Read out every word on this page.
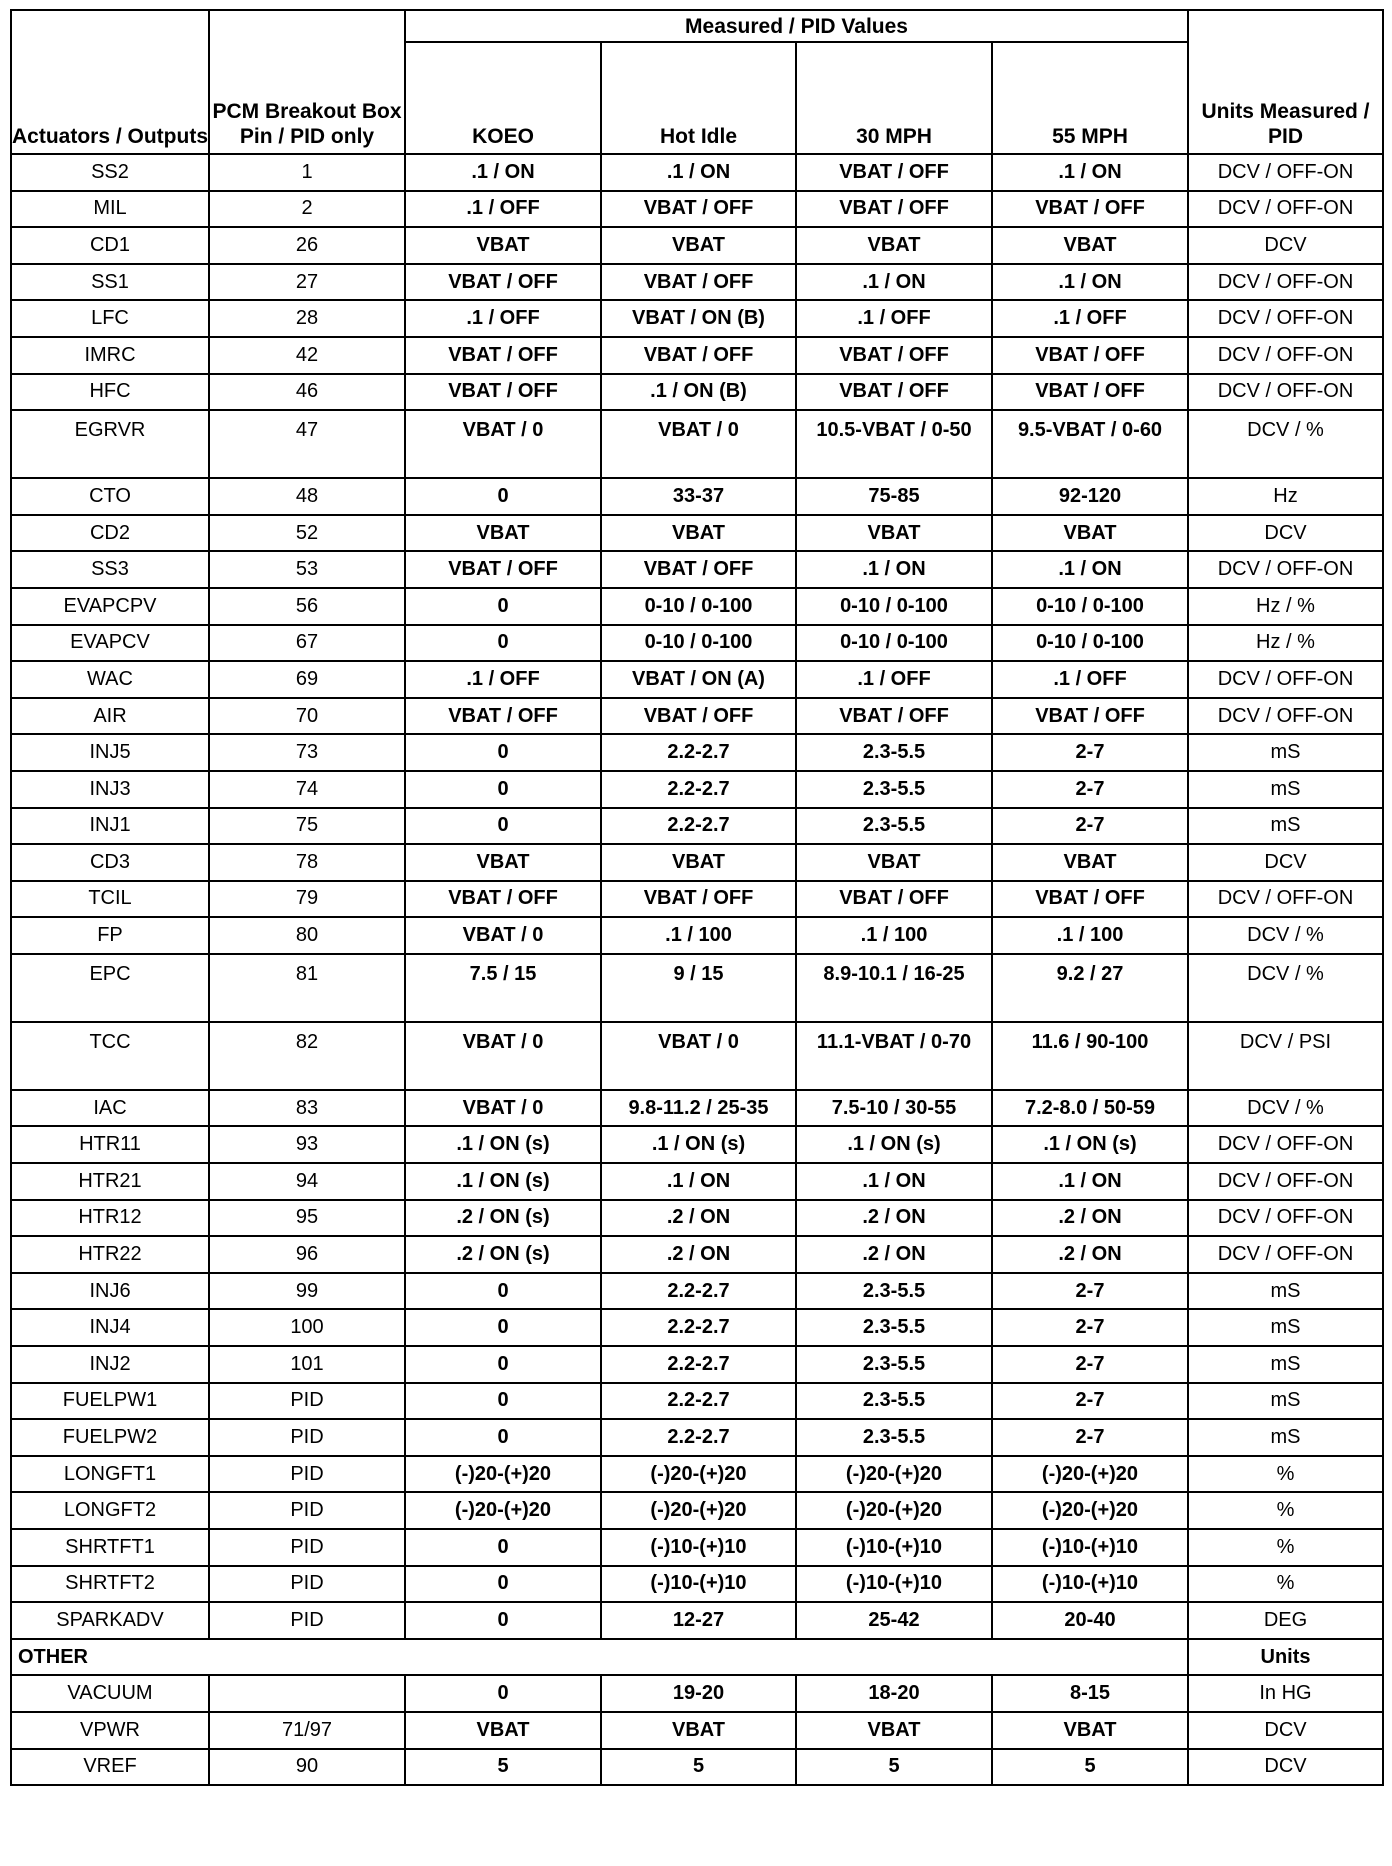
Actuators / Outputs	PCM Breakout Box Pin / PID only	Measured / PID Values				Units Measured / PID
		KOEO	Hot Idle	30 MPH	55 MPH	
SS2	1	.1 / ON	.1 / ON	VBAT / OFF	.1 / ON	DCV / OFF-ON
MIL	2	.1 / OFF	VBAT / OFF	VBAT / OFF	VBAT / OFF	DCV / OFF-ON
CD1	26	VBAT	VBAT	VBAT	VBAT	DCV
SS1	27	VBAT / OFF	VBAT / OFF	.1 / ON	.1 / ON	DCV / OFF-ON
LFC	28	.1 / OFF	VBAT / ON (B)	.1 / OFF	.1 / OFF	DCV / OFF-ON
IMRC	42	VBAT / OFF	VBAT / OFF	VBAT / OFF	VBAT / OFF	DCV / OFF-ON
HFC	46	VBAT / OFF	.1 / ON (B)	VBAT / OFF	VBAT / OFF	DCV / OFF-ON
EGRVR	47	VBAT / 0	VBAT / 0	10.5-VBAT / 0-50	9.5-VBAT / 0-60	DCV / %
CTO	48	0	33-37	75-85	92-120	Hz
CD2	52	VBAT	VBAT	VBAT	VBAT	DCV
SS3	53	VBAT / OFF	VBAT / OFF	.1 / ON	.1 / ON	DCV / OFF-ON
EVAPCPV	56	0	0-10 / 0-100	0-10 / 0-100	0-10 / 0-100	Hz / %
EVAPCV	67	0	0-10 / 0-100	0-10 / 0-100	0-10 / 0-100	Hz / %
WAC	69	.1 / OFF	VBAT / ON (A)	.1 / OFF	.1 / OFF	DCV / OFF-ON
AIR	70	VBAT / OFF	VBAT / OFF	VBAT / OFF	VBAT / OFF	DCV / OFF-ON
INJ5	73	0	2.2-2.7	2.3-5.5	2-7	mS
INJ3	74	0	2.2-2.7	2.3-5.5	2-7	mS
INJ1	75	0	2.2-2.7	2.3-5.5	2-7	mS
CD3	78	VBAT	VBAT	VBAT	VBAT	DCV
TCIL	79	VBAT / OFF	VBAT / OFF	VBAT / OFF	VBAT / OFF	DCV / OFF-ON
FP	80	VBAT / 0	.1 / 100	.1 / 100	.1 / 100	DCV / %
EPC	81	7.5 / 15	9 / 15	8.9-10.1 / 16-25	9.2 / 27	DCV / %
TCC	82	VBAT / 0	VBAT / 0	11.1-VBAT / 0-70	11.6 / 90-100	DCV / PSI
IAC	83	VBAT / 0	9.8-11.2 / 25-35	7.5-10 / 30-55	7.2-8.0 / 50-59	DCV / %
HTR11	93	.1 / ON (s)	.1 / ON (s)	.1 / ON (s)	.1 / ON (s)	DCV / OFF-ON
HTR21	94	.1 / ON (s)	.1 / ON	.1 / ON	.1 / ON	DCV / OFF-ON
HTR12	95	.2 / ON (s)	.2 / ON	.2 / ON	.2 / ON	DCV / OFF-ON
HTR22	96	.2 / ON (s)	.2 / ON	.2 / ON	.2 / ON	DCV / OFF-ON
INJ6	99	0	2.2-2.7	2.3-5.5	2-7	mS
INJ4	100	0	2.2-2.7	2.3-5.5	2-7	mS
INJ2	101	0	2.2-2.7	2.3-5.5	2-7	mS
FUELPW1	PID	0	2.2-2.7	2.3-5.5	2-7	mS
FUELPW2	PID	0	2.2-2.7	2.3-5.5	2-7	mS
LONGFT1	PID	(-)20-(+)20	(-)20-(+)20	(-)20-(+)20	(-)20-(+)20	%
LONGFT2	PID	(-)20-(+)20	(-)20-(+)20	(-)20-(+)20	(-)20-(+)20	%
SHRTFT1	PID	0	(-)10-(+)10	(-)10-(+)10	(-)10-(+)10	%
SHRTFT2	PID	0	(-)10-(+)10	(-)10-(+)10	(-)10-(+)10	%
SPARKADV	PID	0	12-27	25-42	20-40	DEG
OTHER						Units
VACUUM		0	19-20	18-20	8-15	In HG
VPWR	71/97	VBAT	VBAT	VBAT	VBAT	DCV
VREF	90	5	5	5	5	DCV
